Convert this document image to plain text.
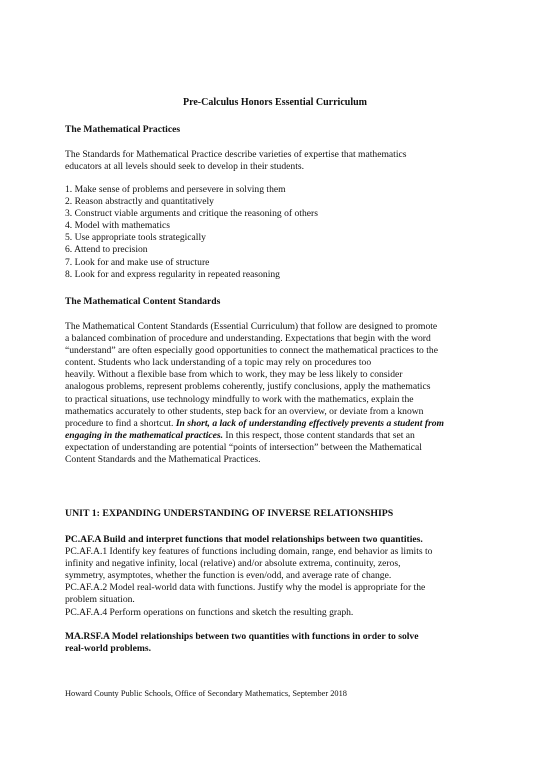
Pre-Calculus Honors Essential Curriculum
The Mathematical Practices
The Standards for Mathematical Practice describe varieties of expertise that mathematics
educators at all levels should seek to develop in their students.
1. Make sense of problems and persevere in solving them
2. Reason abstractly and quantitatively
3. Construct viable arguments and critique the reasoning of others
4. Model with mathematics
5. Use appropriate tools strategically
6. Attend to precision
7. Look for and make use of structure
8. Look for and express regularity in repeated reasoning
The Mathematical Content Standards
The Mathematical Content Standards (Essential Curriculum) that follow are designed to promote
a balanced combination of procedure and understanding. Expectations that begin with the word
“understand” are often especially good opportunities to connect the mathematical practices to the
content. Students who lack understanding of a topic may rely on procedures too
heavily. Without a flexible base from which to work, they may be less likely to consider
analogous problems, represent problems coherently, justify conclusions, apply the mathematics
to practical situations, use technology mindfully to work with the mathematics, explain the
mathematics accurately to other students, step back for an overview, or deviate from a known
procedure to find a shortcut. In short, a lack of understanding effectively prevents a student from
engaging in the mathematical practices. In this respect, those content standards that set an
expectation of understanding are potential “points of intersection” between the Mathematical
Content Standards and the Mathematical Practices.
UNIT 1: EXPANDING UNDERSTANDING OF INVERSE RELATIONSHIPS
PC.AF.A Build and interpret functions that model relationships between two quantities.
PC.AF.A.1 Identify key features of functions including domain, range, end behavior as limits to
infinity and negative infinity, local (relative) and/or absolute extrema, continuity, zeros,
symmetry, asymptotes, whether the function is even/odd, and average rate of change.
PC.AF.A.2 Model real-world data with functions. Justify why the model is appropriate for the
problem situation.
PC.AF.A.4 Perform operations on functions and sketch the resulting graph.
MA.RSF.A Model relationships between two quantities with functions in order to solve
real-world problems.
Howard County Public Schools, Office of Secondary Mathematics, September 2018
